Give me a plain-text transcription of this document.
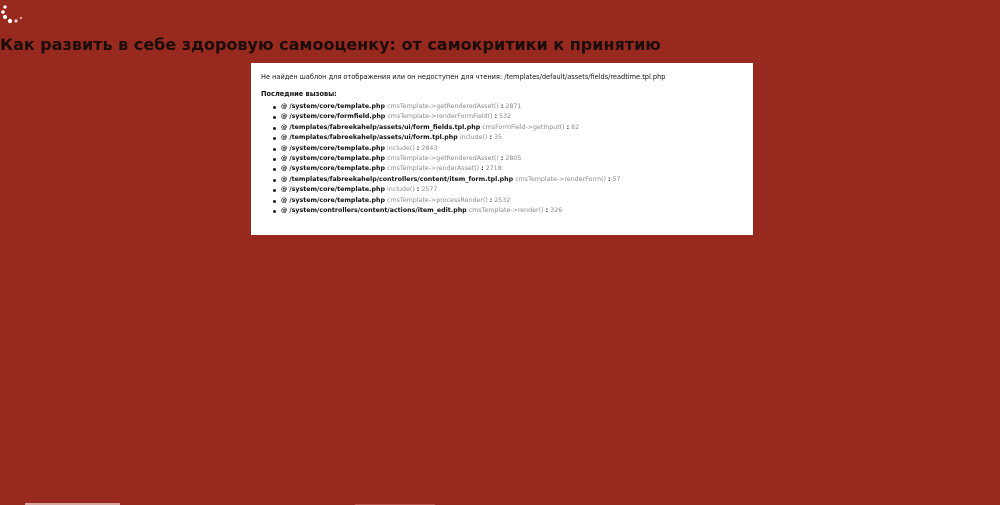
Как развить в себе здоровую самооценку: от самокритики к принятию

Не найден шаблон для отображения или он недоступен для чтения: /templates/default/assets/fields/readtime.tpl.php

Последние вызовы:

@ /system/core/template.php cmsTemplate->getRenderedAsset() : 2871
@ /system/core/formfield.php cmsTemplate->renderFormField() : 532
@ /templates/fabreekahelp/assets/ui/form_fields.tpl.php cmsFormField->getInput() : 82
@ /templates/fabreekahelp/assets/ui/form.tpl.php include() : 35
@ /system/core/template.php include() : 2843
@ /system/core/template.php cmsTemplate->getRenderedAsset() : 2805
@ /system/core/template.php cmsTemplate->renderAsset() : 2718
@ /templates/fabreekahelp/controllers/content/item_form.tpl.php cmsTemplate->renderForm() : 57
@ /system/core/template.php include() : 2577
@ /system/core/template.php cmsTemplate->processRender() : 2532
@ /system/controllers/content/actions/item_edit.php cmsTemplate->render() : 326
